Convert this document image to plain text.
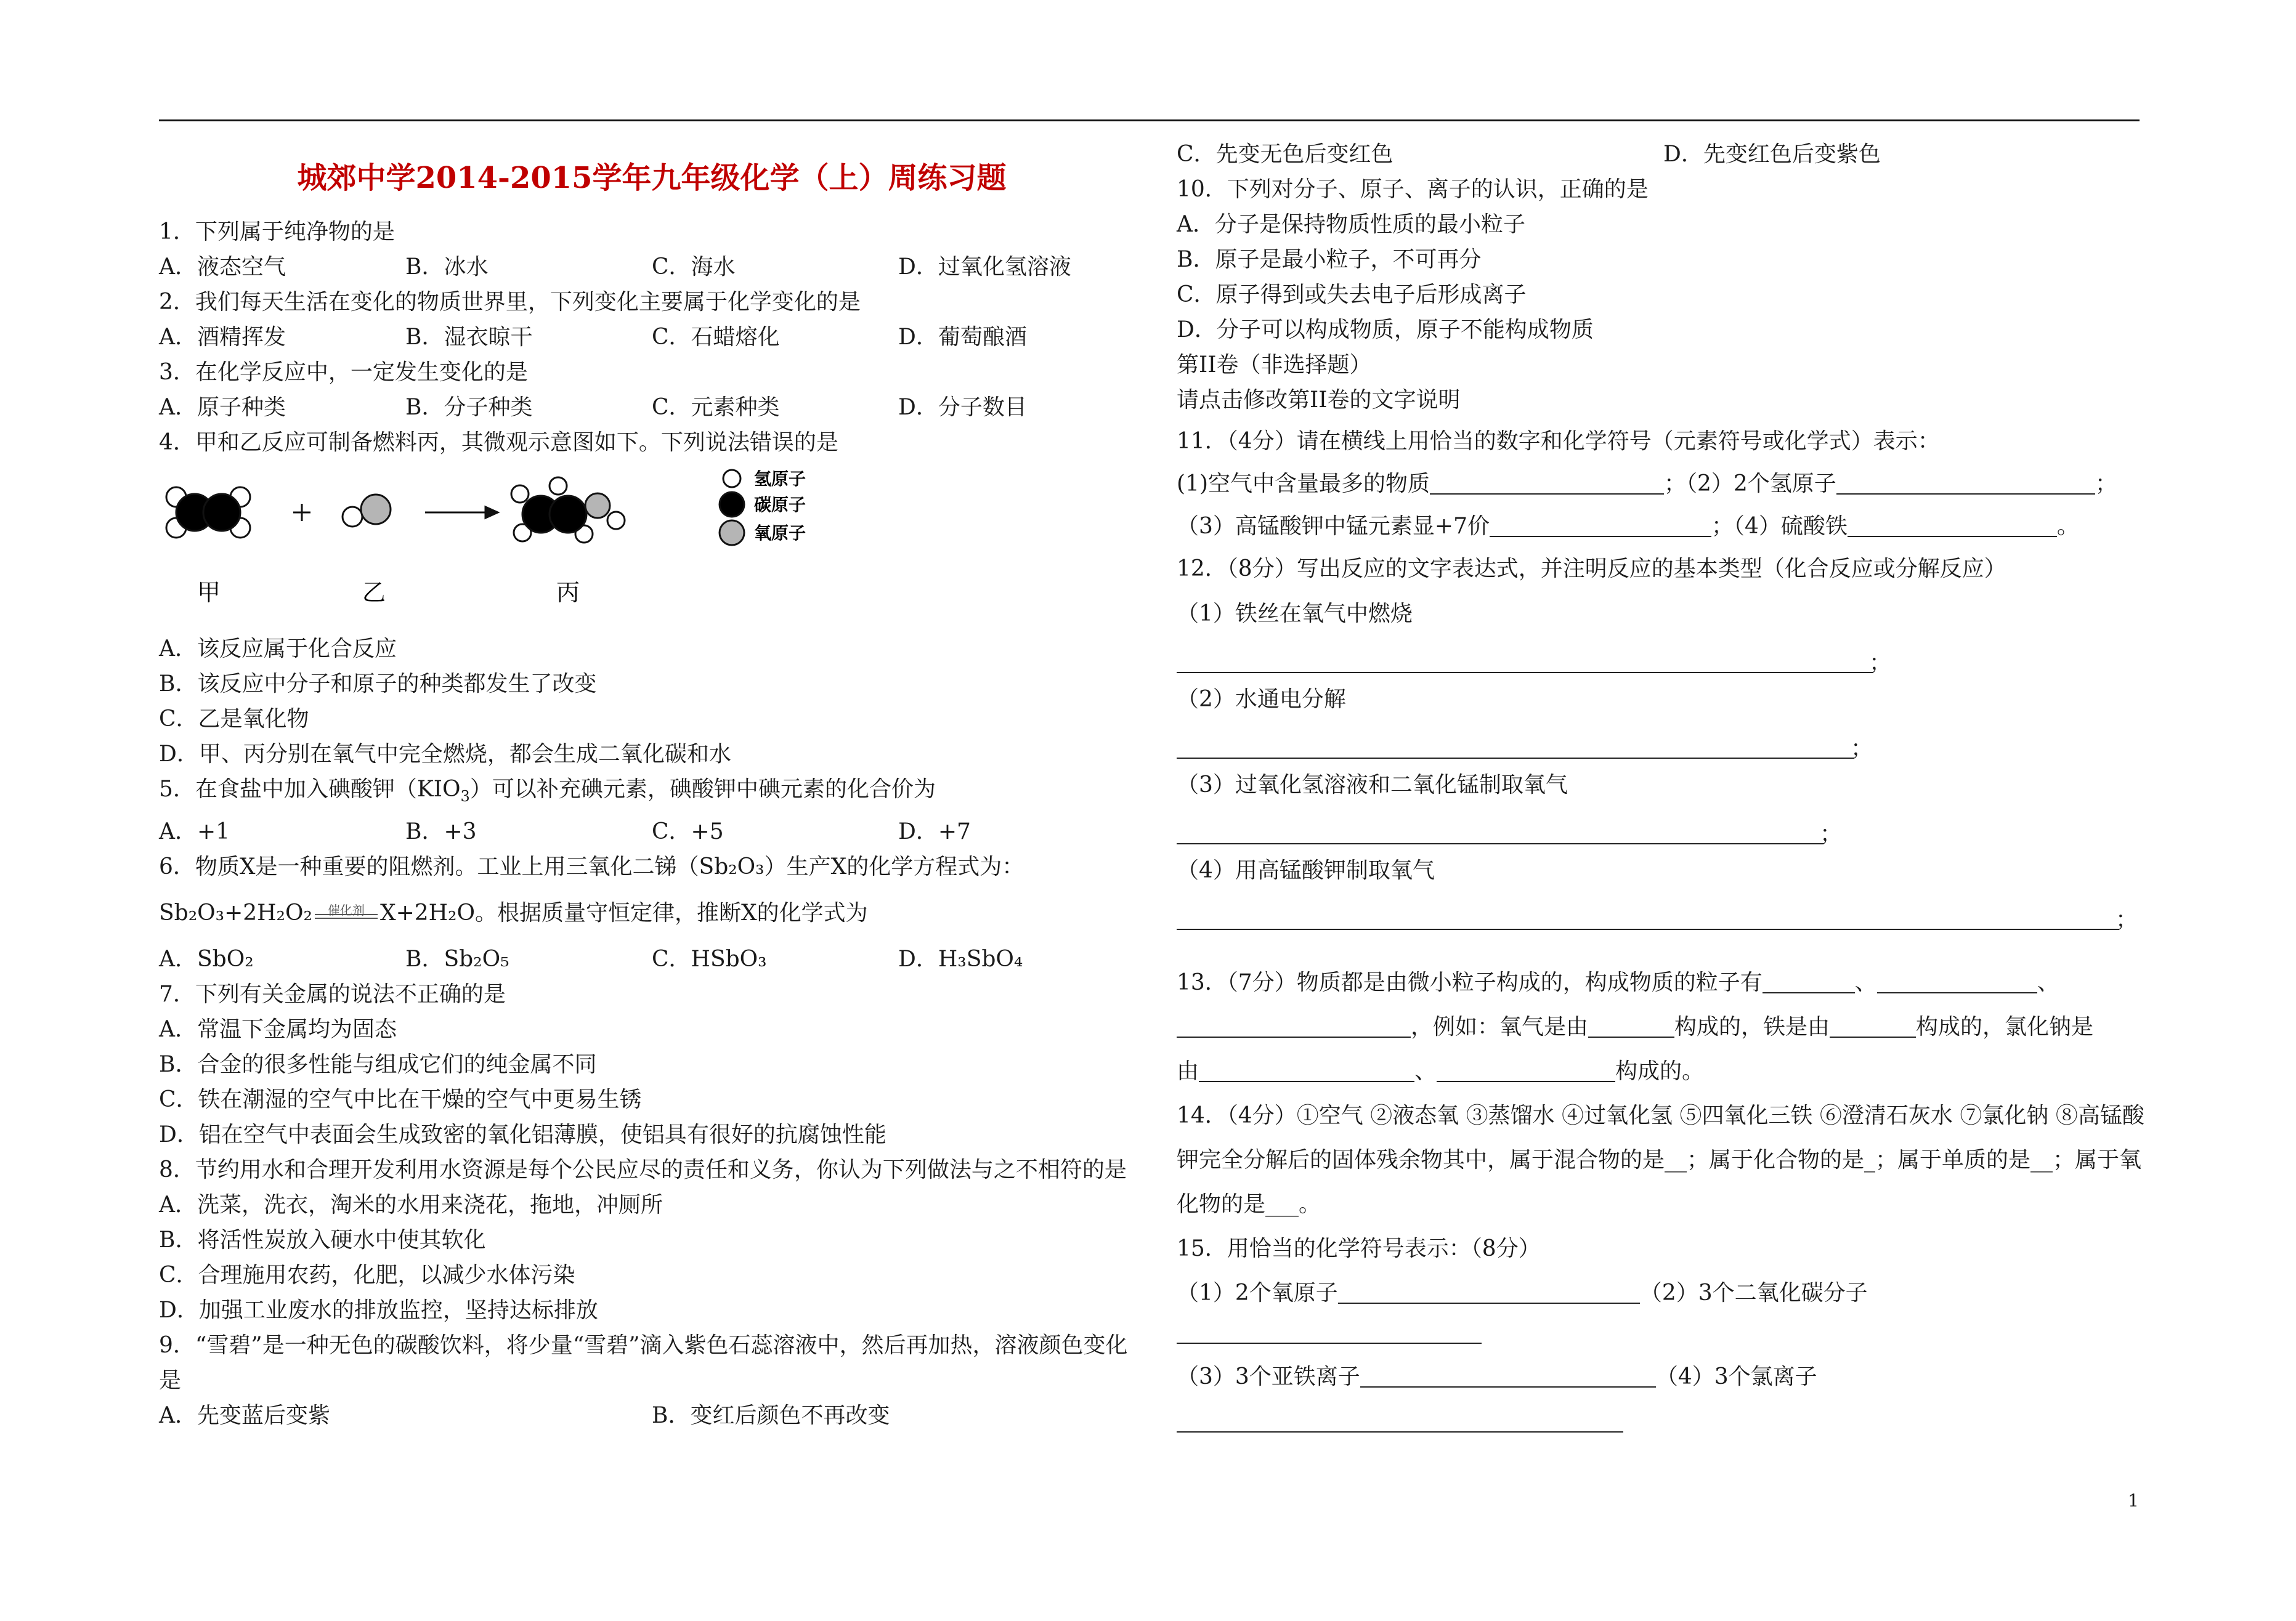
城郊中学2014-2015学年九年级化学（上）周练习题
1．下列属于纯净物的是
A．液态空气	B．冰水	C．海水	D．过氧化氢溶液
2．我们每天生活在变化的物质世界里，下列变化主要属于化学变化的是
A．酒精挥发	B．湿衣晾干	C．石蜡熔化	D．葡萄酿酒
3．在化学反应中，一定发生变化的是
A．原子种类	B．分子种类	C．元素种类	D．分子数目
4．甲和乙反应可制备燃料丙，其微观示意图如下。下列说法错误的是
氢原子
碳原子
氧原子
甲	乙	丙
A．该反应属于化合反应
B．该反应中分子和原子的种类都发生了改变
C．乙是氧化物
D．甲、丙分别在氧气中完全燃烧，都会生成二氧化碳和水
5．在食盐中加入碘酸钾$(KIO_3)$可以补充碘元素，碘酸钾中碘元素的化合价为
A．+1	B．+3	C．+5	D．+7
6．物质X是一种重要的阻燃剂。工业上用三氧化二锑（Sb₂O₃）生产X的化学方程式为：
Sb₂O₃+2H₂O₂	催化剂 X+2H₂O。根据质量守恒定律，推断X的化学式为
A．SbO₂	B．Sb₂O₅	C．HSbO₃	D．H₃SbO₄
7．下列有关金属的说法不正确的是
A．常温下金属均为固态
B．合金的很多性能与组成它们的纯金属不同
C．铁在潮湿的空气中比在干燥的空气中更易生锈
D．铝在空气中表面会生成致密的氧化铝薄膜，使铝具有很好的抗腐蚀性能
8．节约用水和合理开发利用水资源是每个公民应尽的责任和义务，你认为下列做法与之不相符的是
A．洗菜，洗衣，淘米的水用来浇花，拖地，冲厕所
B．将活性炭放入硬水中使其软化
C．合理施用农药，化肥，以减少水体污染
D．加强工业废水的排放监控，坚持达标排放
9．“雪碧”是一种无色的碳酸饮料，将少量“雪碧”滴入紫色石蕊溶液中，然后再加热，溶液颜色变化是
A．先变蓝后变紫	B．变红后颜色不再改变
C．先变无色后变红色	D．先变红色后变紫色
10．下列对分子、原子、离子的认识，正确的是
A．分子是保持物质性质的最小粒子
B．原子是最小粒子，不可再分
C．原子得到或失去电子后形成离子
D．分子可以构成物质，原子不能构成物质
第II卷（非选择题）
请点击修改第II卷的文字说明
11．（4分）请在横线上用恰当的数字和化学符号（元素符号或化学式）表示：
(1)空气中含量最多的物质	；（2）2个氢原子	；
（3）高锰酸钾中锰元素显+7价	；（4）硫酸铁	。
12．（8分）写出反应的文字表达式，并注明反应的基本类型（化合反应或分解反应）
（1）铁丝在氧气中燃烧
；
（2）水通电分解
；
（3）过氧化氢溶液和二氧化锰制取氧气
；
（4）用高锰酸钾制取氧气
；
13．（7分）物质都是由微小粒子构成的，构成物质的粒子有	、	、
，例如：氧气是由	构成的，铁是由	构成的，氯化钠是
由	、	构成的。
14．（4分）①空气 ②液态氧 ③蒸馏水 ④过氧化氢 ⑤四氧化三铁 ⑥澄清石灰水 ⑦氯化钠 ⑧高锰酸钾完全分解后的固体残余物其中，属于混合物的是__；属于化合物的是_；属于单质的是__；属于氧化物的是___。
15．用恰当的化学符号表示：（8分）
（1）2个氧原子	（2）3个二氧化碳分子
（3）3个亚铁离子	（4）3个氯离子
1
